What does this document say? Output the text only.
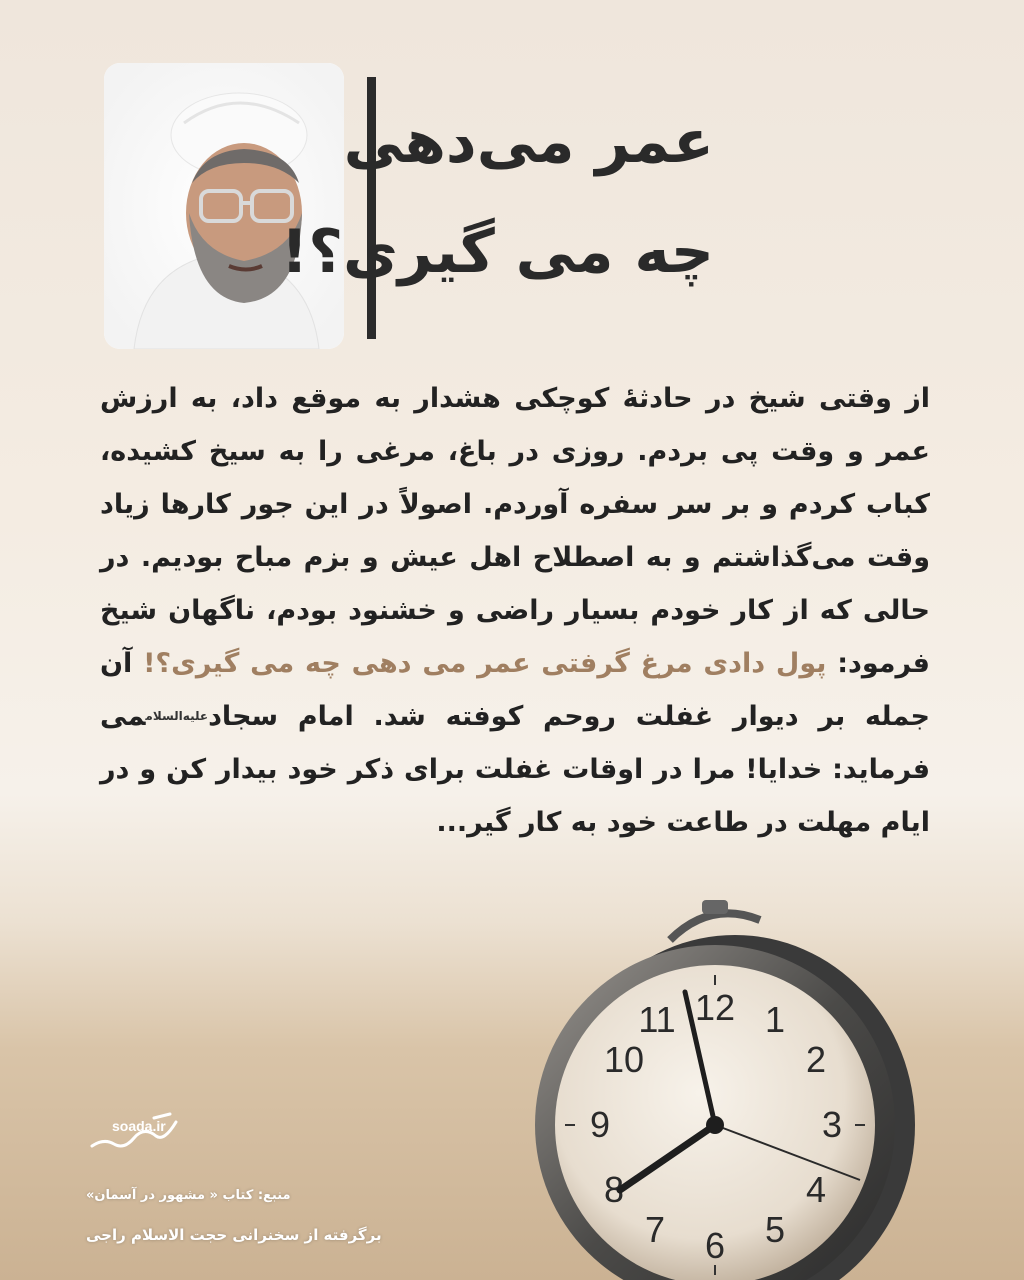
عمر می‌دهی
چه می گیری؟!
از وقتی شیخ در حادثهٔ کوچکی هشدار به موقع داد، به ارزش عمر و وقت پی بردم. روزی در باغ، مرغی را به سیخ کشیده، کباب کردم و بر سر سفره آوردم. اصولاً در این جور کارها زیاد وقت می‌گذاشتم و به اصطلاح اهل عیش و بزم مباح بودیم. در حالی که از کار خودم بسیار راضی و خشنود بودم، ناگهان شیخ فرمود: پول دادی مرغ گرفتی عمر می دهی چه می گیری؟! آن جمله بر دیوار غفلت روحم کوفته شد. امام سجاد$^{علیه‌السلام}$می فرماید: خدایا! مرا در اوقات غفلت برای ذکر خود بیدار کن و در ایام مهلت در طاعت خود به کار گیر...
12 1
2
3
4
5
6
7
8
9
10
11
soada.ir
منبع: کتاب « مشهور در آسمان»
برگرفته از سخنرانی حجت الاسلام راجی
